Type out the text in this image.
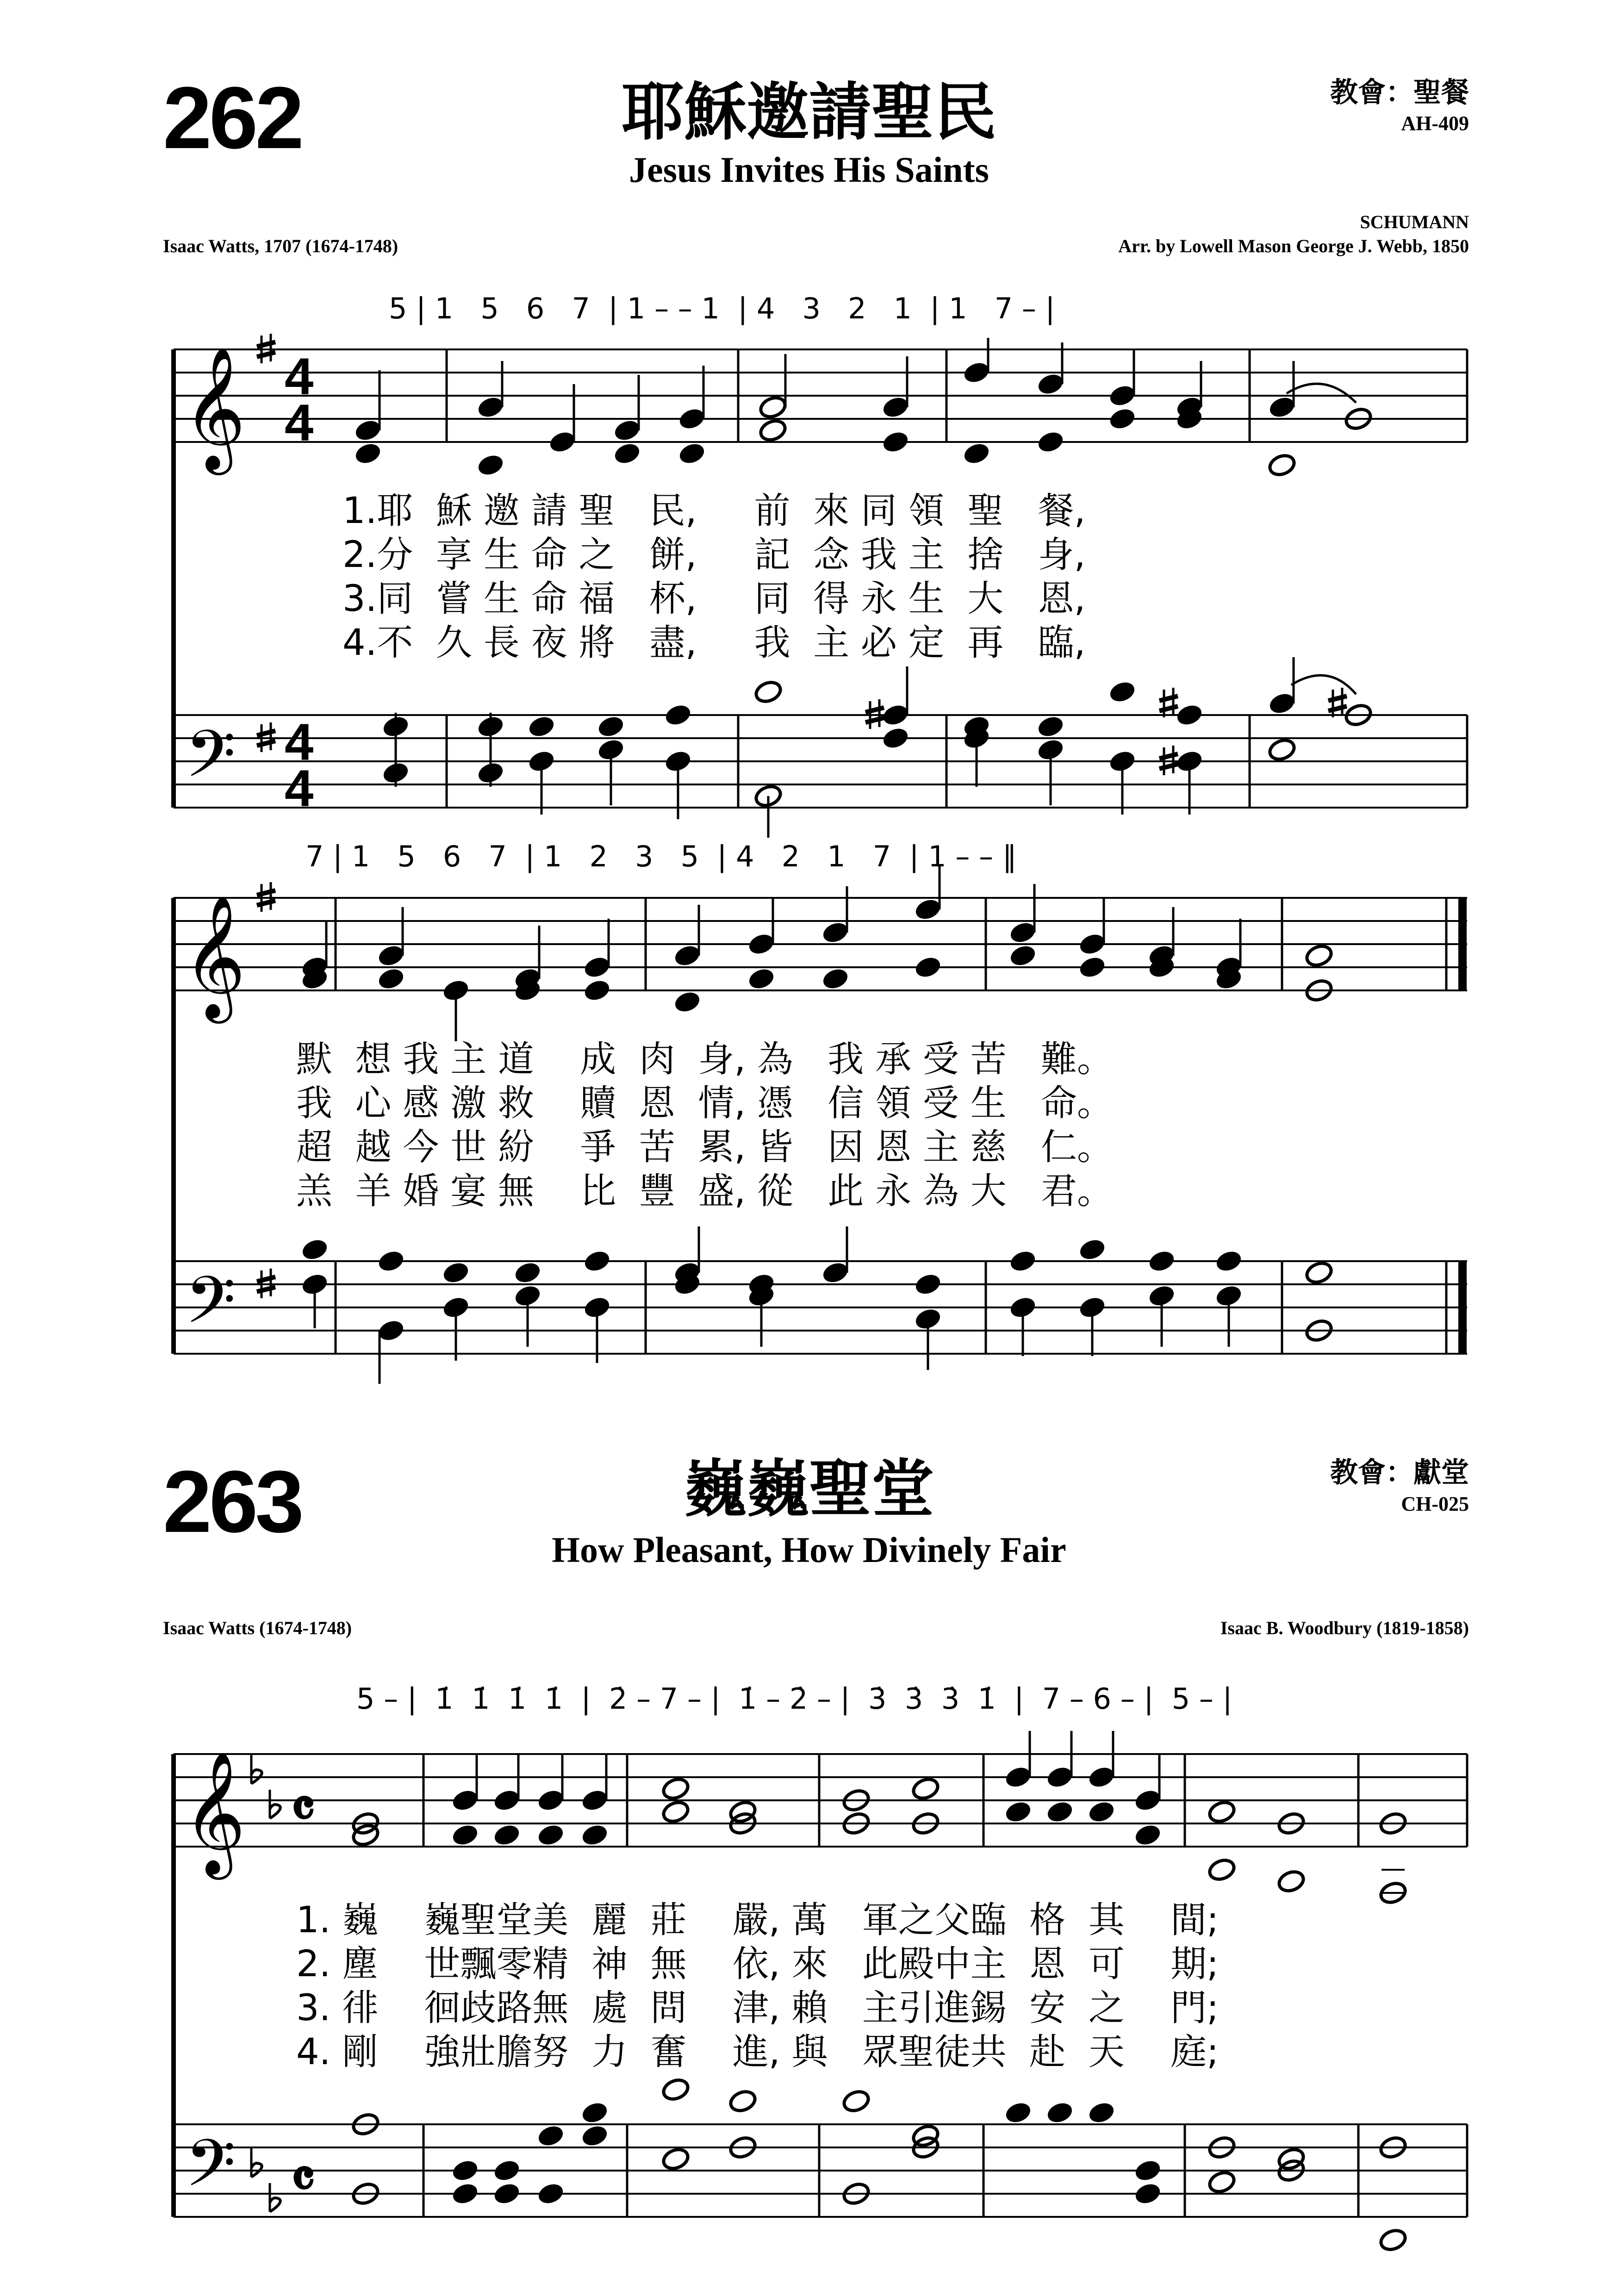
262	耶穌邀請聖民
Jesus Invites His Saints
教會：聖餐
AH-409
SCHUMANN
Isaac Watts, 1707 (1674-1748)	Arr. by Lowell Mason George J. Webb, 1850
5 | 1   5   6   7  | 1 – – 1  | 4   3   2   1  | 1   7 – |
1.耶  穌 邀 請 聖   民,     前  來 同 領  聖   餐,
2.分  享 生 命 之   餅,     記  念 我 主  捨   身,
3.同  嘗 生 命 福   杯,     同  得 永 生  大   恩,
4.不  久 長 夜 將   盡,     我  主 必 定  再   臨,
7 | 1   5   6   7  | 1   2   3   5  | 4   2   1   7  | 1 – – ‖
默  想 我 主 道    成  肉  身, 為   我 承 受 苦   難。
我  心 感 激 救    贖  恩  情, 憑   信 領 受 生   命。
超  越 今 世 紛    爭  苦  累, 皆   因 恩 主 慈   仁。
羔  羊 婚 宴 無    比  豐  盛, 從   此 永 為 大   君。
263	巍巍聖堂
How Pleasant, How Divinely Fair
教會：獻堂
CH-025
Isaac Watts (1674-1748)	Isaac B. Woodbury (1819-1858)
5 – |  1̇  1̇  1̇  1̇  |  2̇ – 7 – |  1̇ – 2̇ – |  3̇  3̇  3̇  1̇  |  7 – 6 – |  5 – |
1. 巍    巍聖堂美  麗  莊    嚴, 萬   軍之父臨  格  其    間;
2. 塵    世飄零精  神  無    依, 來   此殿中主  恩  可    期;
3. 徘    徊歧路無  處  問    津, 賴   主引進錫  安  之    門;
4. 剛    強壯膽努  力  奮    進, 與   眾聖徒共  赴  天    庭;
𝄞
𝄢
4
4
4
4
𝄞
𝄢
𝄞
𝄢
𝄴
𝄴
